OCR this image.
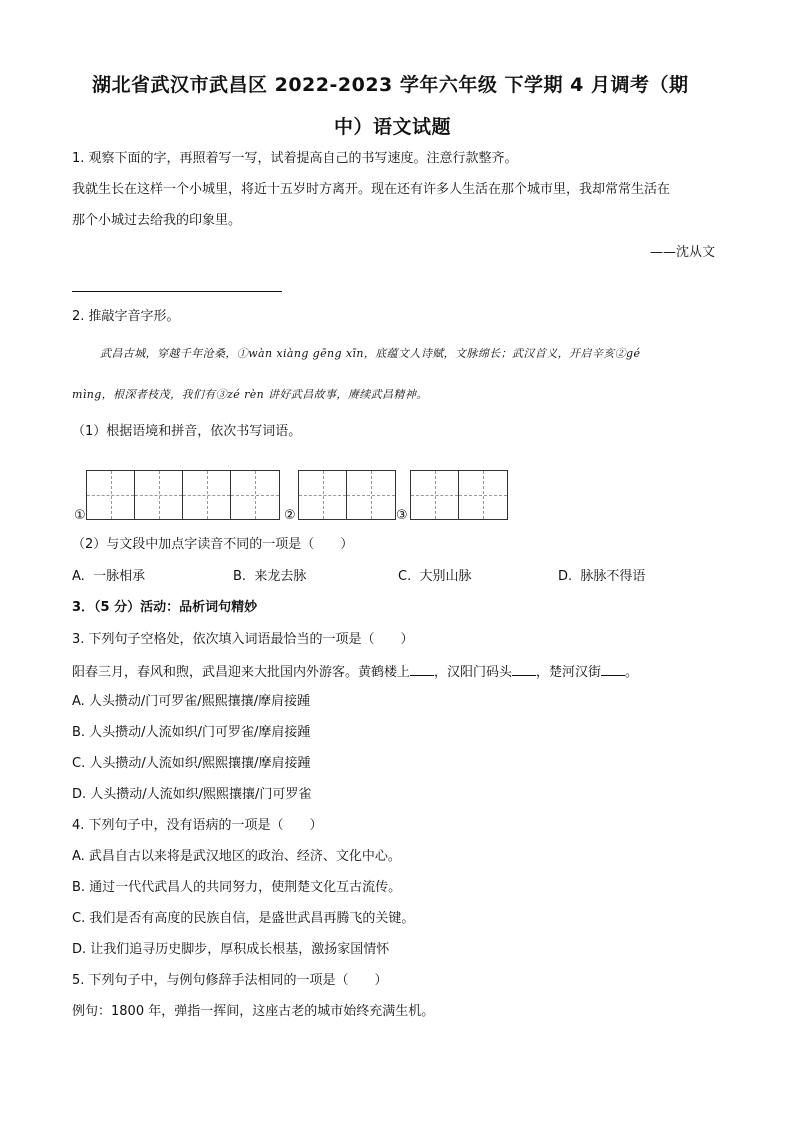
湖北省武汉市武昌区 2022-2023 学年六年级 下学期 4 月调考（期
中）语文试题
1. 观察下面的字，再照着写一写，试着提高自己的书写速度。注意行款整齐。
我就生长在这样一个小城里，将近十五岁时方离开。现在还有许多人生活在那个城市里，我却常常生活在
那个小城过去给我的印象里。
——沈从文
2. 推敲字音字形。
武昌古城，穿越千年沧桑，①wàn xiàng gēng xīn，底蕴文人诗赋，文脉绵长；武汉首义，开启辛亥②gé
mìng，根深者枝茂，我们有③zé rèn 讲好武昌故事，赓续武昌精神。
（1）根据语境和拼音，依次书写词语。
①	②	③
（2）与文段中加点字读音不同的一项是（　　）
A. 一脉相承	B. 来龙去脉	C. 大别山脉	D. 脉脉不得语
3．（5 分）活动：品析词句精妙
3. 下列句子空格处，依次填入词语最恰当的一项是（　　）
阳春三月，春风和煦，武昌迎来大批国内外游客。黄鹤楼上 ，汉阳门码头 ，楚河汉街 。
A. 人头攒动/门可罗雀/熙熙攘攘/摩肩接踵
B. 人头攒动/人流如织/门可罗雀/摩肩接踵
C. 人头攒动/人流如织/熙熙攘攘/摩肩接踵
D. 人头攒动/人流如织/熙熙攘攘/门可罗雀
4. 下列句子中，没有语病的一项是（　　）
A. 武昌自古以来将是武汉地区的政治、经济、文化中心。
B. 通过一代代武昌人的共同努力，使荆楚文化互古流传。
C. 我们是否有高度的民族自信，是盛世武昌再腾飞的关键。
D. 让我们追寻历史脚步，厚积成长根基，激扬家国情怀
5. 下列句子中，与例句修辞手法相同的一项是（　　）
例句：1800 年，弹指一挥间，这座古老的城市始终充满生机。
